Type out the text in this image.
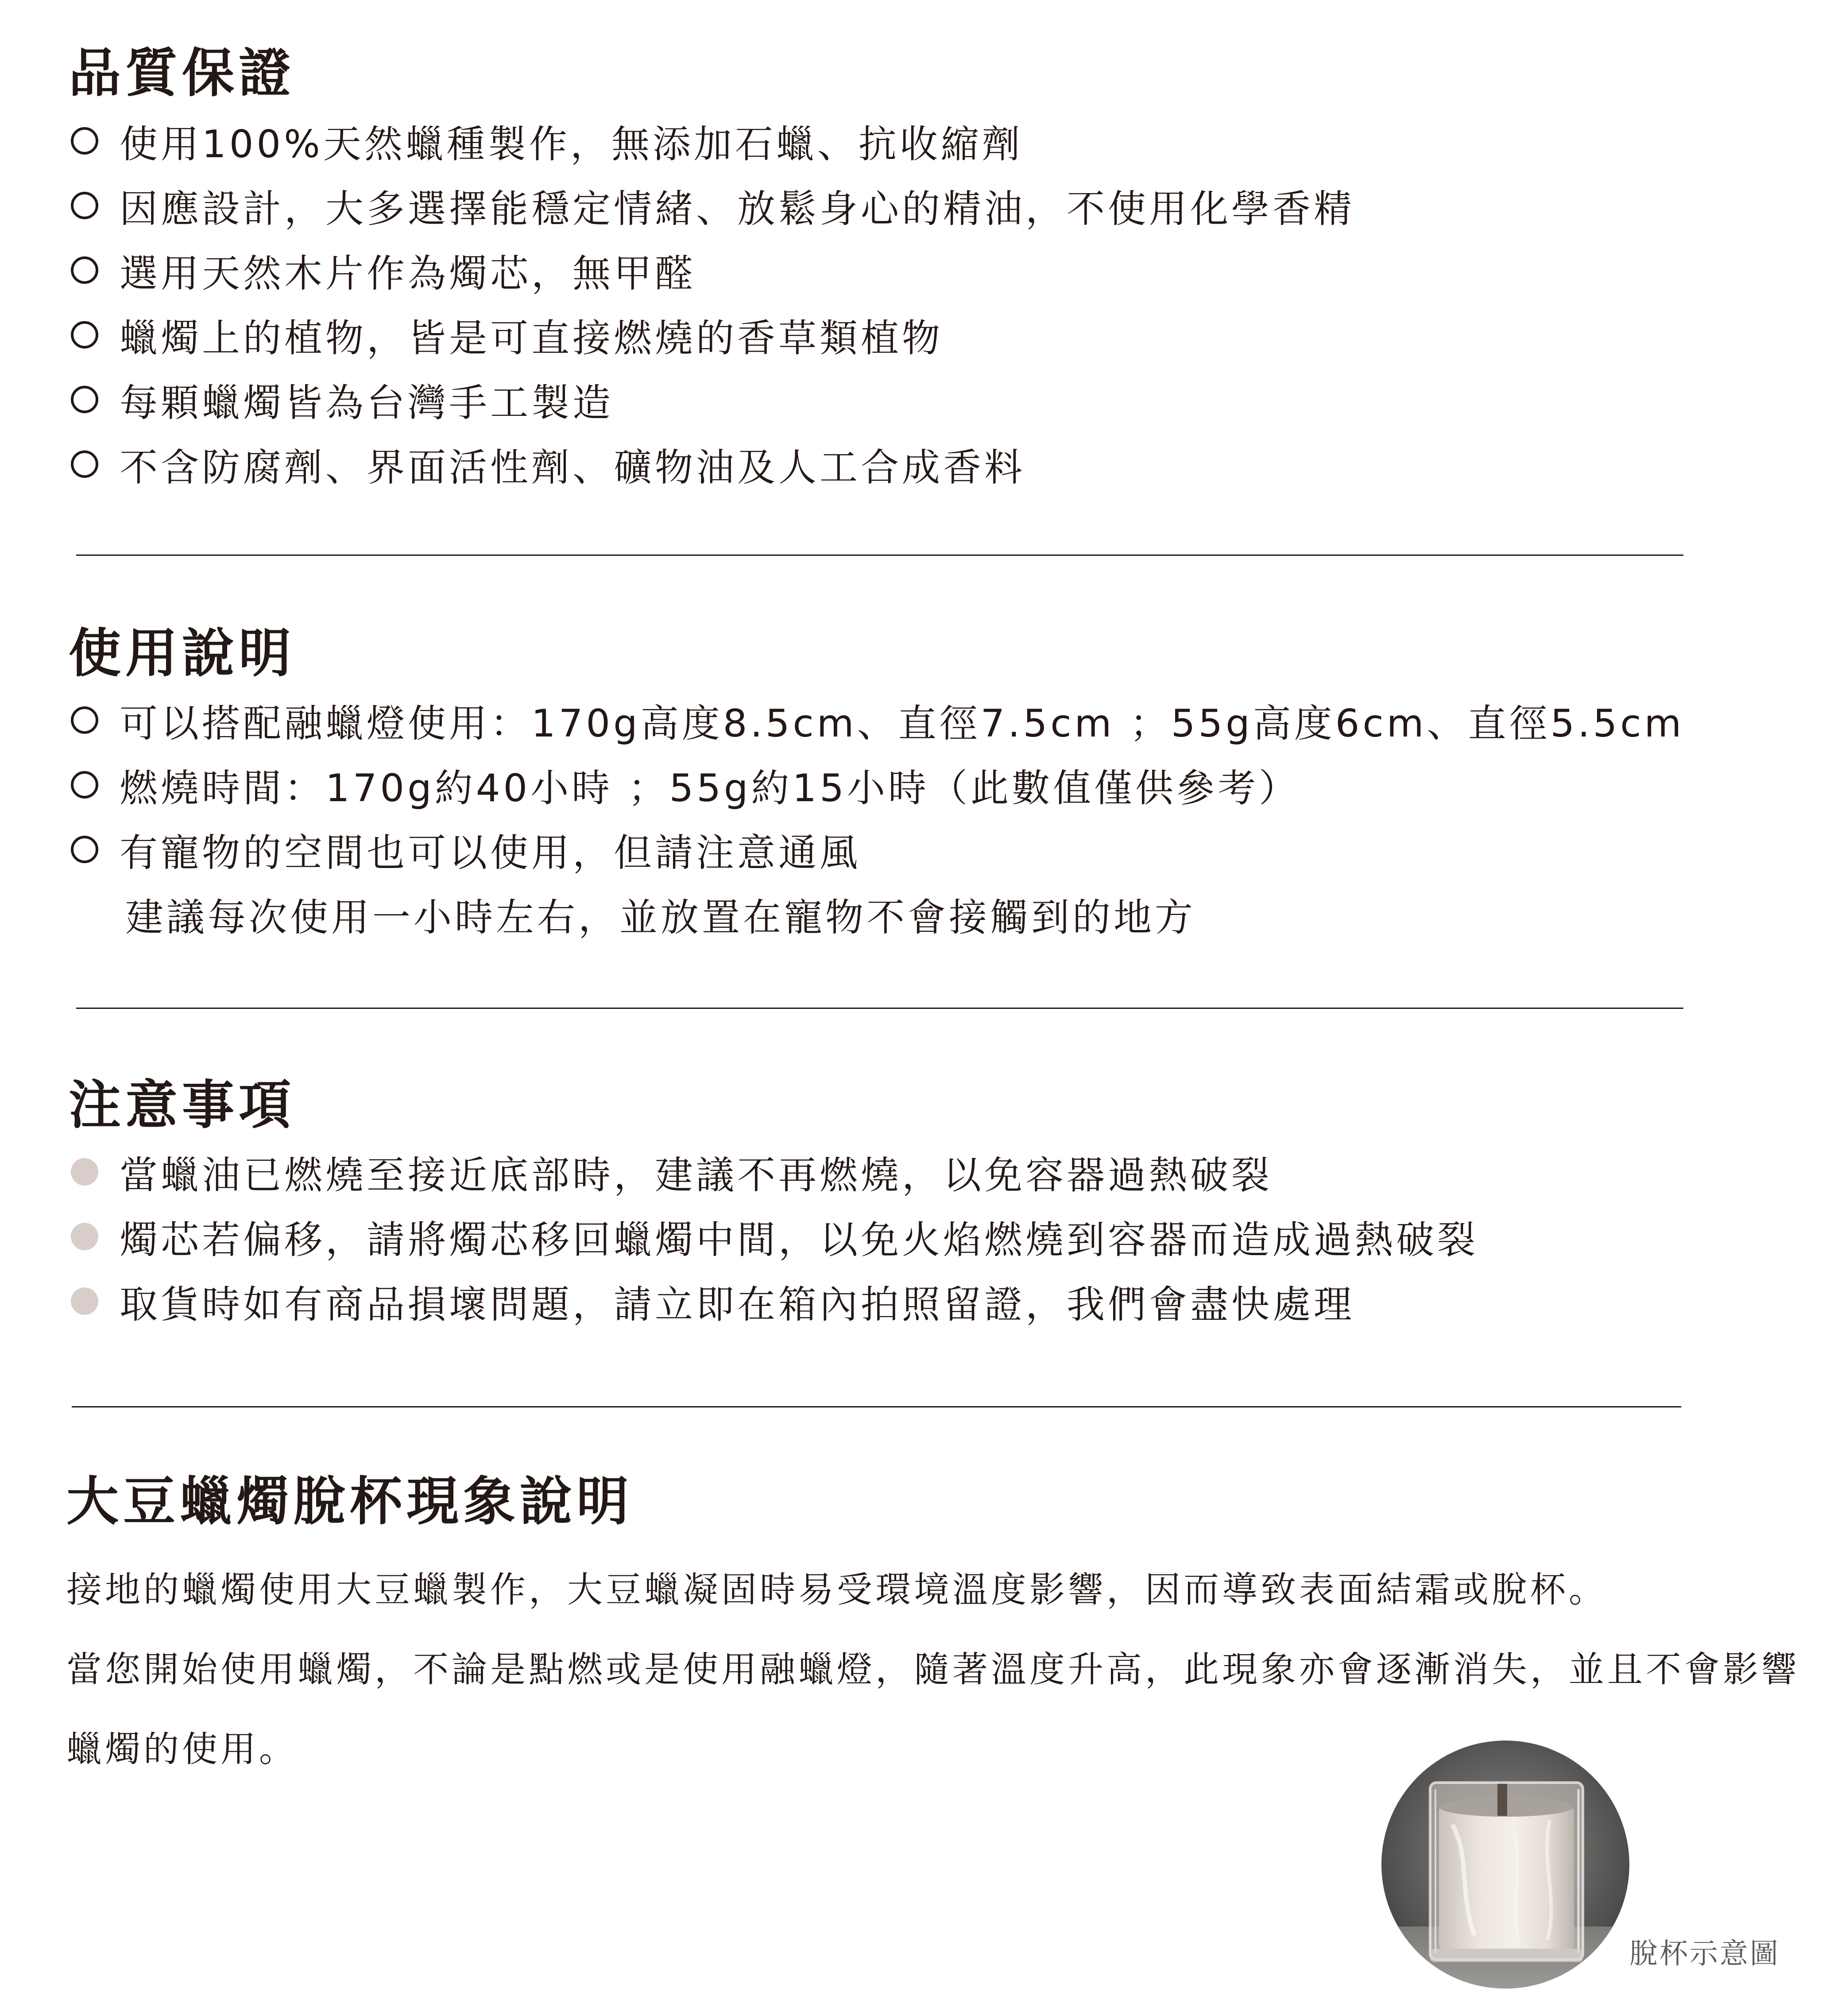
品質保證
使用100%天然蠟種製作，無添加石蠟、抗收縮劑
因應設計，大多選擇能穩定情緒、放鬆身心的精油，不使用化學香精
選用天然木片作為燭芯，無甲醛
蠟燭上的植物，皆是可直接燃燒的香草類植物
每顆蠟燭皆為台灣手工製造
不含防腐劑、界面活性劑、礦物油及人工合成香料
使用說明
可以搭配融蠟燈使用：170g高度8.5cm、直徑7.5cm ；55g高度6cm、直徑5.5cm
燃燒時間：170g約40小時 ；55g約15小時（此數值僅供參考）
有寵物的空間也可以使用，但請注意通風
建議每次使用一小時左右，並放置在寵物不會接觸到的地方
注意事項
當蠟油已燃燒至接近底部時，建議不再燃燒，以免容器過熱破裂
燭芯若偏移，請將燭芯移回蠟燭中間，以免火焰燃燒到容器而造成過熱破裂
取貨時如有商品損壞問題，請立即在箱內拍照留證，我們會盡快處理
大豆蠟燭脫杯現象說明
接地的蠟燭使用大豆蠟製作，大豆蠟凝固時易受環境溫度影響，因而導致表面結霜或脫杯。
當您開始使用蠟燭，不論是點燃或是使用融蠟燈，隨著溫度升高，此現象亦會逐漸消失，並且不會影響
蠟燭的使用。
脫杯示意圖
